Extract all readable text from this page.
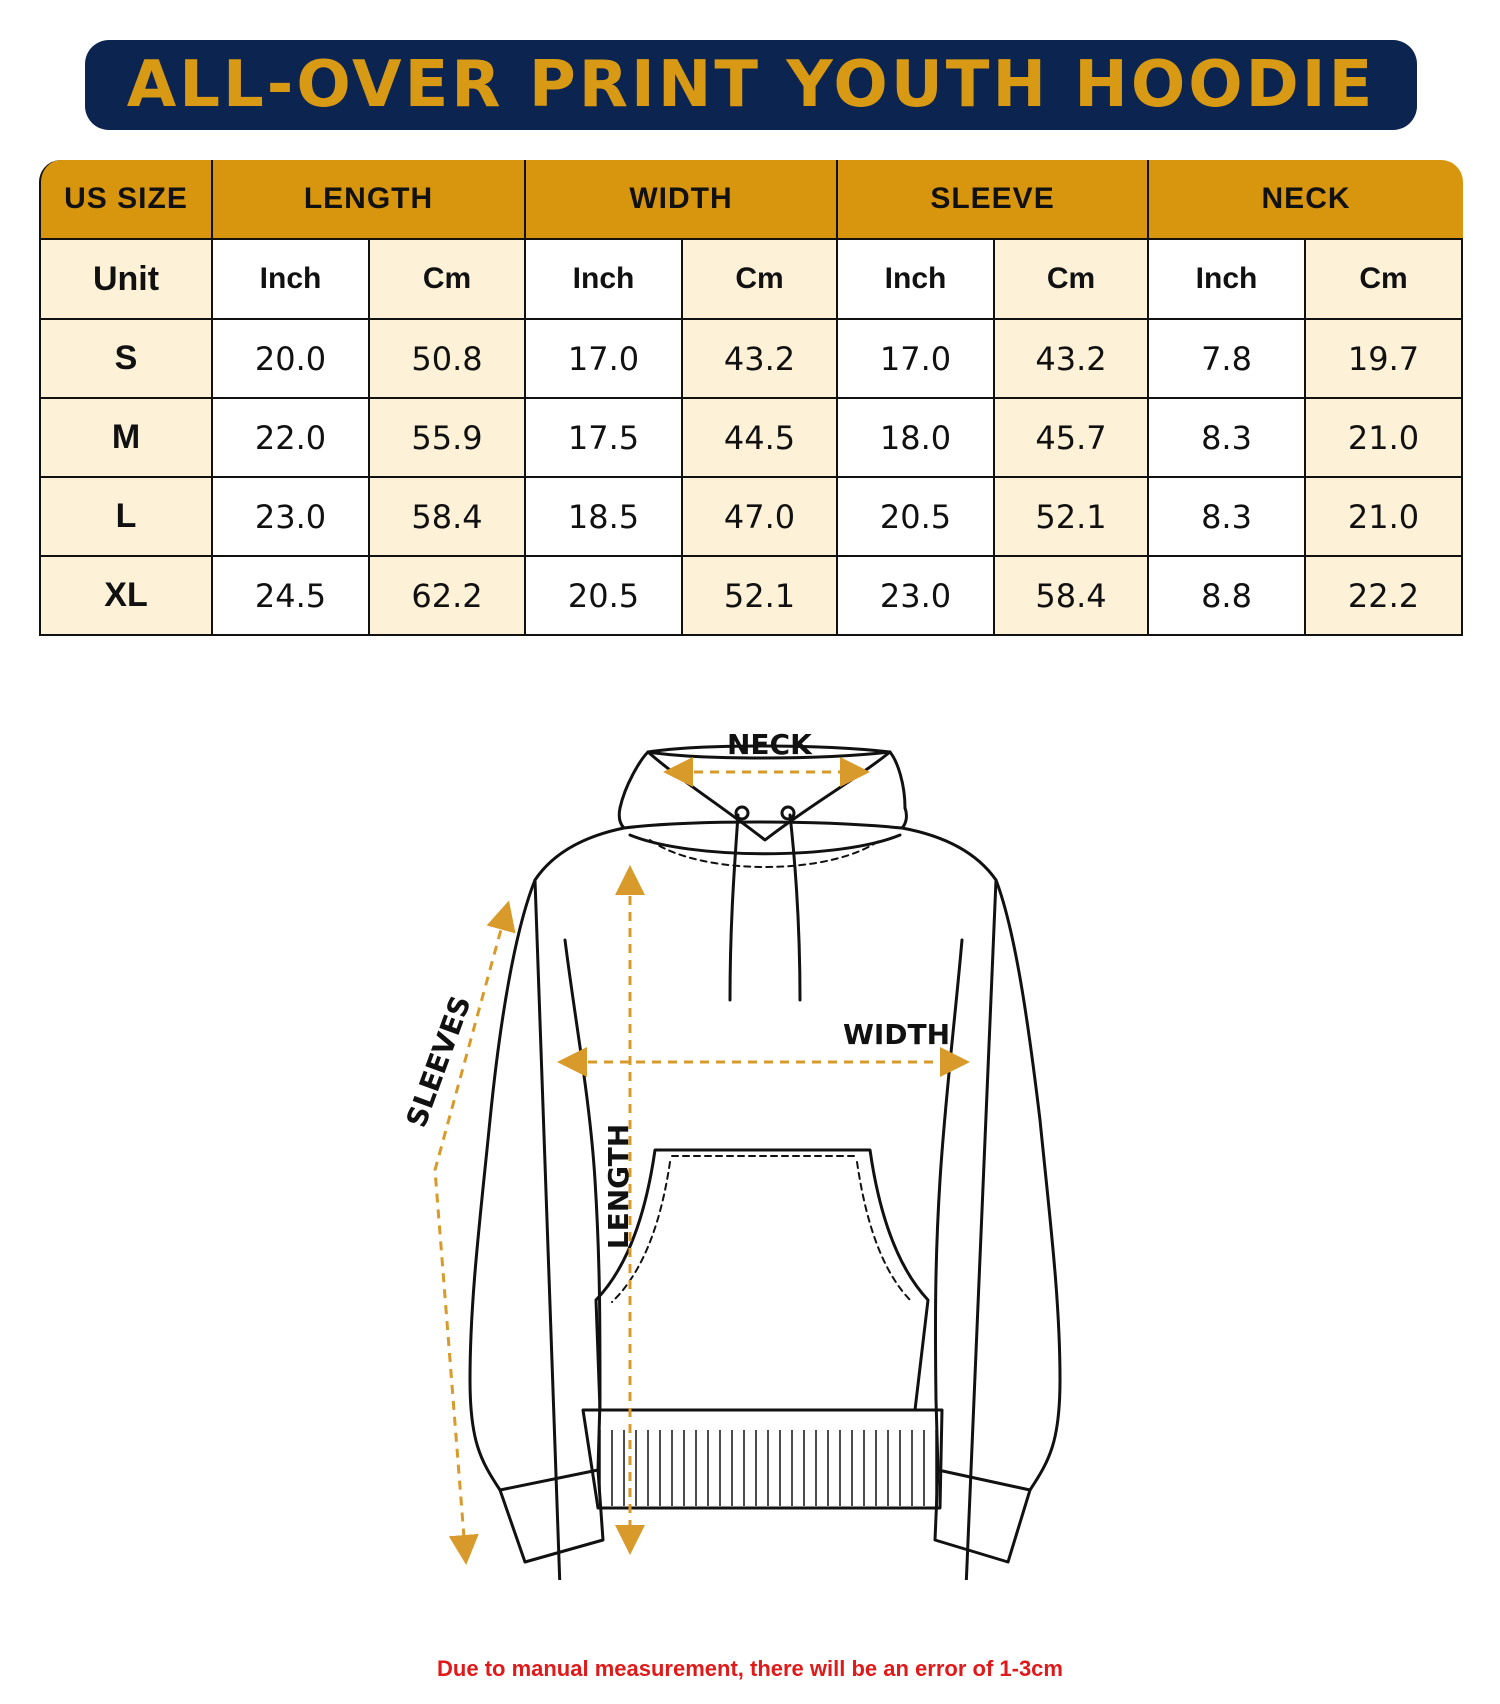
ALL-OVER PRINT YOUTH HOODIE
US SIZE	LENGTH		WIDTH		SLEEVE		NECK	
Unit	Inch	Cm	Inch	Cm	Inch	Cm	Inch	Cm
S	20.0	50.8	17.0	43.2	17.0	43.2	7.8	19.7
M	22.0	55.9	17.5	44.5	18.0	45.7	8.3	21.0
L	23.0	58.4	18.5	47.0	20.5	52.1	8.3	21.0
XL	24.5	62.2	20.5	52.1	23.0	58.4	8.8	22.2
NECK
WIDTH
LENGTH
SLEEVES
Due to manual measurement, there will be an error of 1-3cm
